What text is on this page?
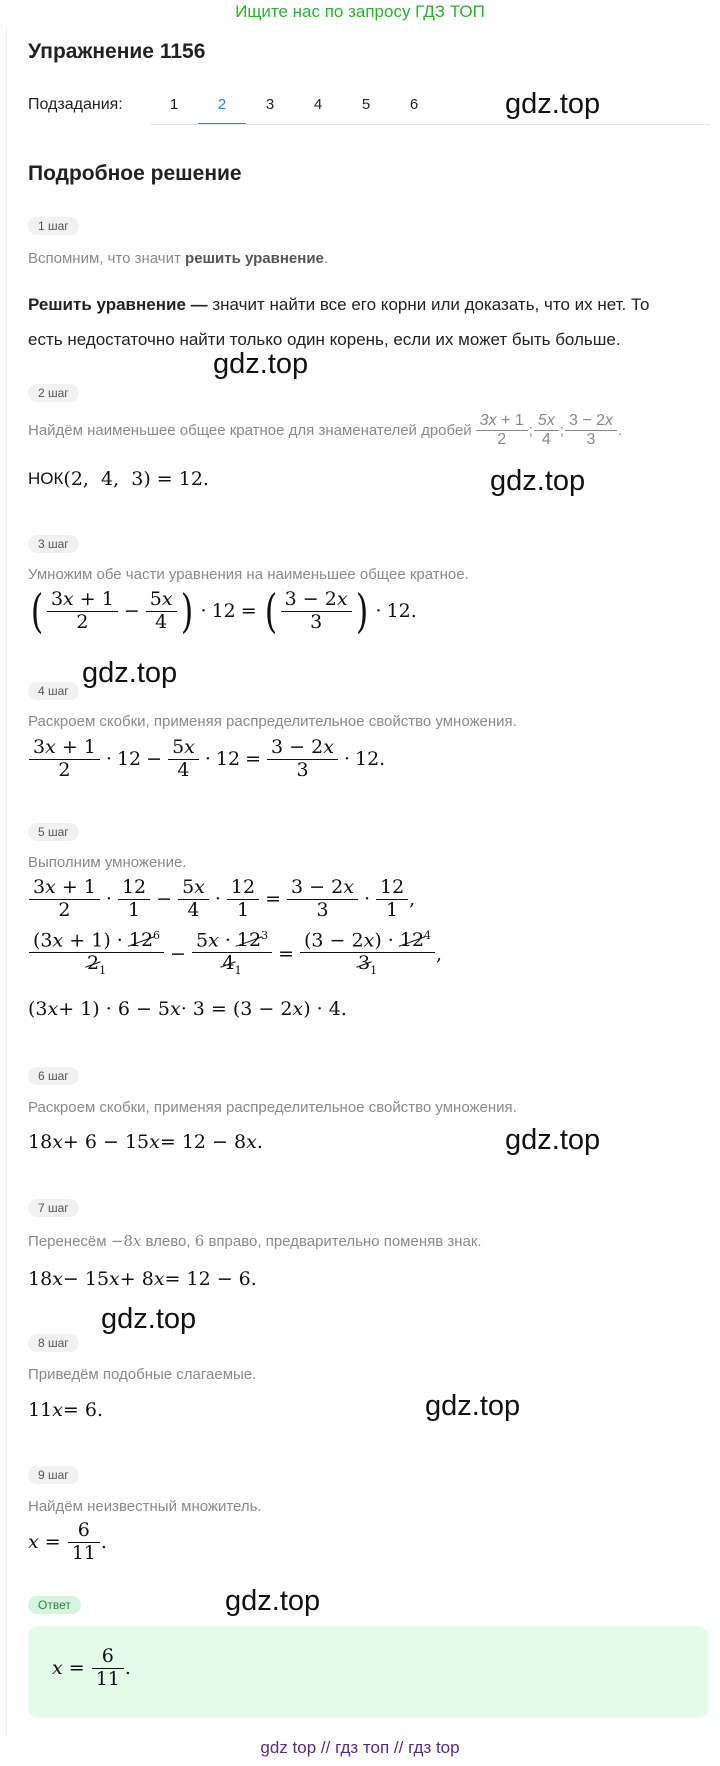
Ищите нас по запросу ГДЗ ТОП
Упражнение 1156
Подзадания:	1	2	3	4	5	6
Подробное решение
gdz.top
gdz.top
gdz.top
gdz.top
gdz.top
gdz.top
gdz.top
gdz.top
1 шаг
Вспомним, что значит решить уравнение.
Решить уравнение — значит найти все его корни или доказать, что их нет. То
есть недостаточно найти только один корень, если их может быть больше.
2 шаг
Найдём наименьшее общее кратное для знаменателей дробей $\frac{3x + 1}{2}$ ; $\frac{5x}{4}$ ; $\frac{3 - 2x}{3}$ .
НОК (2,  4,  3) = 12.
3 шаг
Умножим обе части уравнения на наименьшее общее кратное.
( $\frac{3x + 1}{2} - \frac{5x}{4}$ ) · 12 = ( $\frac{3 - 2x}{3}$ ) · 12.
4 шаг
Раскроем скобки, применяя распределительное свойство умножения.
$\frac{3x + 1}{2} \cdot 12 - \frac{5x}{4} \cdot 12 = \frac{3 - 2x}{3} \cdot 12$.
5 шаг
Выполним умножение.
$\frac{3x + 1}{2} \cdot \frac{12}{1} - \frac{5x}{4} \cdot \frac{12}{1} = \frac{3 - 2x}{3} \cdot \frac{12}{1}$ ,
$\frac{(3x + 1) \cdot 12^6}{2_1} - \frac{5x \cdot 12^3}{4_1} = \frac{(3 - 2x) \cdot 12^4}{3_1}$ ,
(3 x + 1) · 6 − 5 x · 3 = (3 − 2 x ) · 4.
6 шаг
Раскроем скобки, применяя распределительное свойство умножения.
18 x + 6 − 15 x = 12 − 8 x .
7 шаг
Перенесём −8x влево, 6 вправо, предварительно поменяв знак.
18 x − 15 x + 8 x = 12 − 6.
8 шаг
Приведём подобные слагаемые.
11 x = 6.
9 шаг
Найдём неизвестный множитель.
$x = \frac{6}{11}$ .
Ответ
$x = \frac{6}{11}$ .
gdz top // гдз топ // гдз top
